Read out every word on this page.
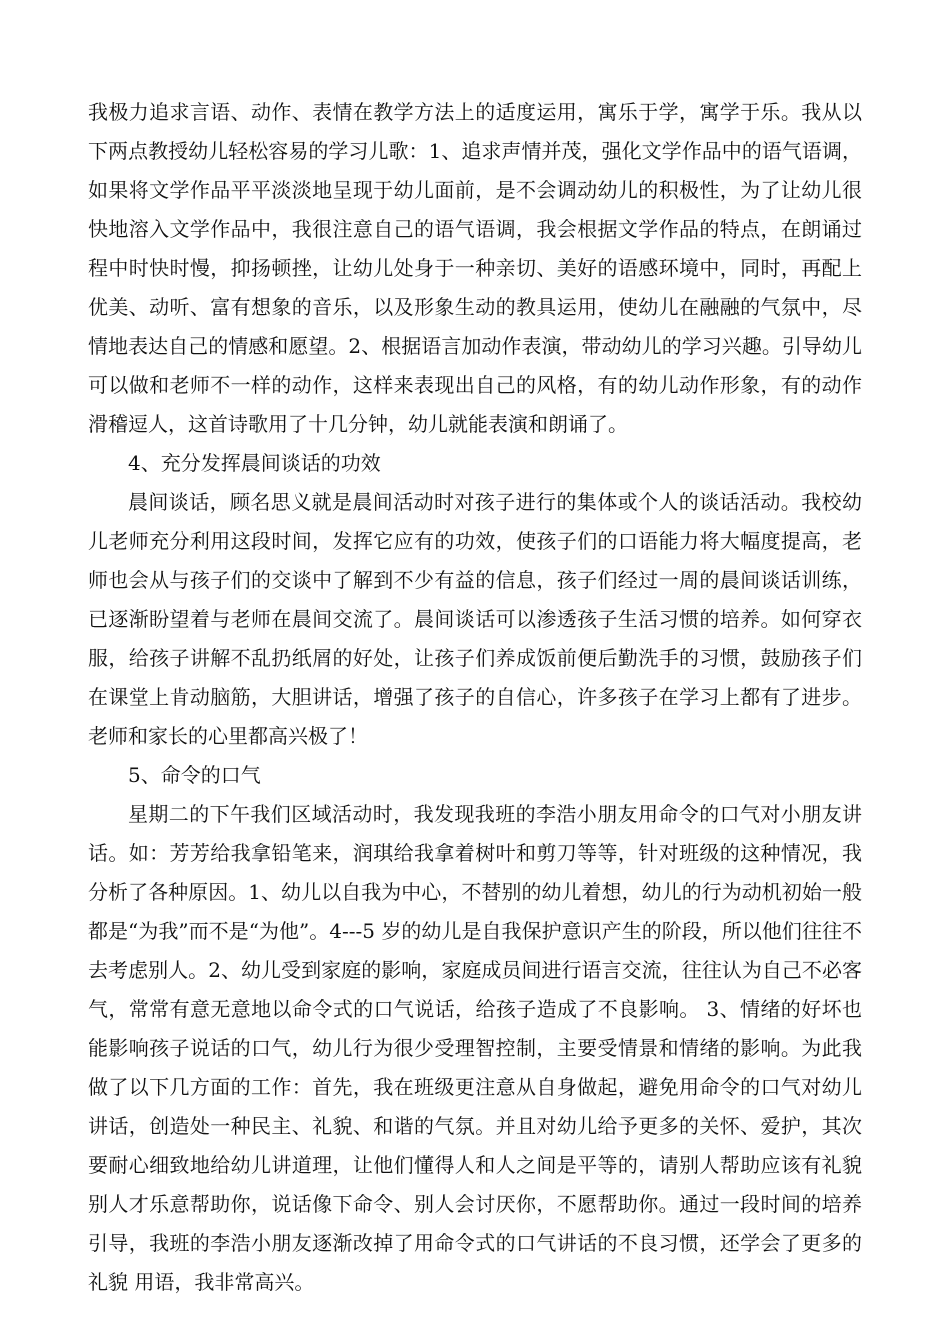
我极力追求言语、动作、表情在教学方法上的适度运用，寓乐于学，寓学于乐。我从以下两点教授幼儿轻松容易的学习儿歌：1、追求声情并茂，强化文学作品中的语气语调，如果将文学作品平平淡淡地呈现于幼儿面前，是不会调动幼儿的积极性，为了让幼儿很快地溶入文学作品中，我很注意自己的语气语调，我会根据文学作品的特点，在朗诵过程中时快时慢，抑扬顿挫，让幼儿处身于一种亲切、美好的语感环境中，同时，再配上优美、动听、富有想象的音乐，以及形象生动的教具运用，使幼儿在融融的气氛中，尽情地表达自己的情感和愿望。2、根据语言加动作表演，带动幼儿的学习兴趣。引导幼儿可以做和老师不一样的动作，这样来表现出自己的风格，有的幼儿动作形象，有的动作滑稽逗人，这首诗歌用了十几分钟，幼儿就能表演和朗诵了。

4、充分发挥晨间谈话的功效

晨间谈话，顾名思义就是晨间活动时对孩子进行的集体或个人的谈话活动。我校幼儿老师充分利用这段时间，发挥它应有的功效，使孩子们的口语能力将大幅度提高，老师也会从与孩子们的交谈中了解到不少有益的信息，孩子们经过一周的晨间谈话训练，已逐渐盼望着与老师在晨间交流了。晨间谈话可以渗透孩子生活习惯的培养。如何穿衣服，给孩子讲解不乱扔纸屑的好处，让孩子们养成饭前便后勤洗手的习惯，鼓励孩子们在课堂上肯动脑筋，大胆讲话，增强了孩子的自信心，许多孩子在学习上都有了进步。老师和家长的心里都高兴极了！

5、命令的口气

星期二的下午我们区域活动时，我发现我班的李浩小朋友用命令的口气对小朋友讲话。如：芳芳给我拿铅笔来，润琪给我拿着树叶和剪刀等等，针对班级的这种情况，我分析了各种原因。1、幼儿以自我为中心，不替别的幼儿着想，幼儿的行为动机初始一般都是“为我”而不是“为他”。4---5 岁的幼儿是自我保护意识产生的阶段，所以他们往往不去考虑别人。2、幼儿受到家庭的影响，家庭成员间进行语言交流，往往认为自己不必客气，常常有意无意地以命令式的口气说话，给孩子造成了不良影响。 3、情绪的好坏也能影响孩子说话的口气，幼儿行为很少受理智控制，主要受情景和情绪的影响。为此我做了以下几方面的工作：首先，我在班级更注意从自身做起，避免用命令的口气对幼儿讲话，创造处一种民主、礼貌、和谐的气氛。并且对幼儿给予更多的关怀、爱护，其次要耐心细致地给幼儿讲道理，让他们懂得人和人之间是平等的，请别人帮助应该有礼貌别人才乐意帮助你，说话像下命令、别人会讨厌你，不愿帮助你。通过一段时间的培养引导，我班的李浩小朋友逐渐改掉了用命令式的口气讲话的不良习惯，还学会了更多的礼貌 用语，我非常高兴。
